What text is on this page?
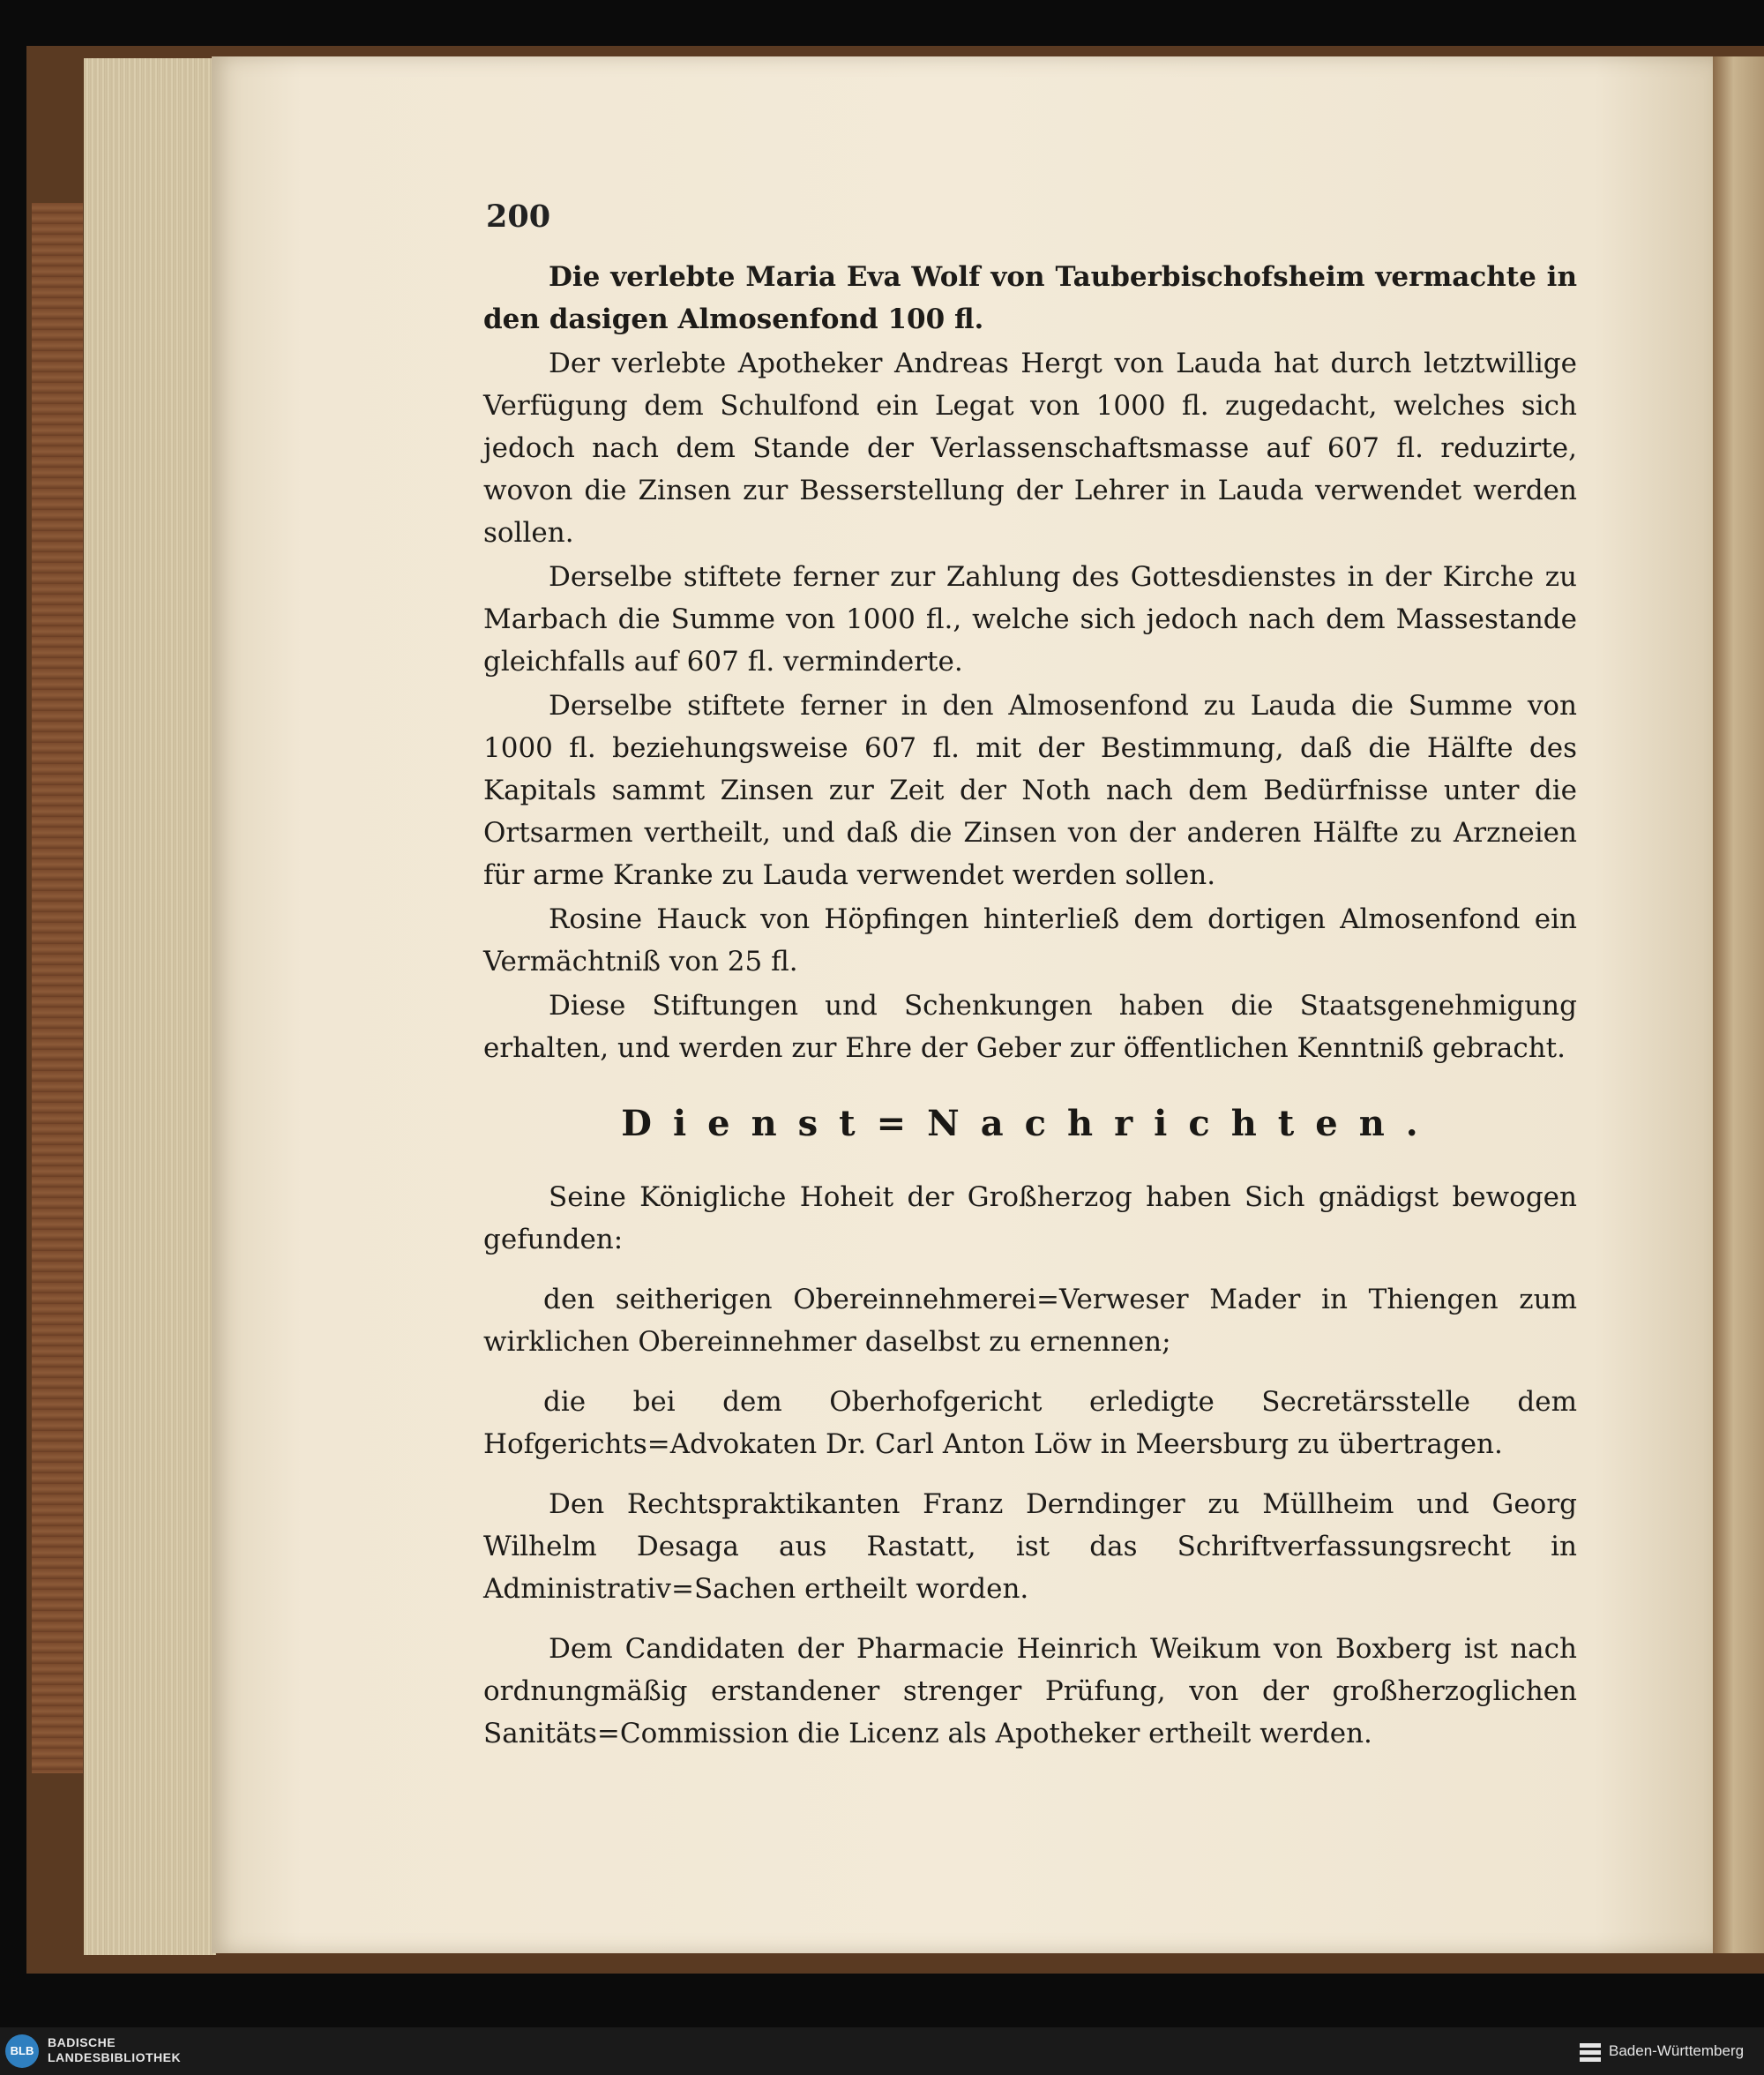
200

Die verlebte Maria Eva Wolf von Tauberbischofsheim vermachte in den dasigen Almosenfond 100 fl.

Der verlebte Apotheker Andreas Hergt von Lauda hat durch letztwillige Verfügung dem Schulfond ein Legat von 1000 fl. zugedacht, welches sich jedoch nach dem Stande der Verlassenschaftsmasse auf 607 fl. reduzirte, wovon die Zinsen zur Besserstellung der Lehrer in Lauda verwendet werden sollen.

Derselbe stiftete ferner zur Zahlung des Gottesdienstes in der Kirche zu Marbach die Summe von 1000 fl., welche sich jedoch nach dem Massestande gleichfalls auf 607 fl. verminderte.

Derselbe stiftete ferner in den Almosenfond zu Lauda die Summe von 1000 fl. beziehungsweise 607 fl. mit der Bestimmung, daß die Hälfte des Kapitals sammt Zinsen zur Zeit der Noth nach dem Bedürfnisse unter die Ortsarmen vertheilt, und daß die Zinsen von der anderen Hälfte zu Arzneien für arme Kranke zu Lauda verwendet werden sollen.

Rosine Hauck von Höpfingen hinterließ dem dortigen Almosenfond ein Vermächtniß von 25 fl.

Diese Stiftungen und Schenkungen haben die Staatsgenehmigung erhalten, und werden zur Ehre der Geber zur öffentlichen Kenntniß gebracht.

Dienst=Nachrichten.

Seine Königliche Hoheit der Großherzog haben Sich gnädigst bewogen gefunden:

den seitherigen Obereinnehmerei=Verweser Mader in Thiengen zum wirklichen Obereinnehmer daselbst zu ernennen;

die bei dem Oberhofgericht erledigte Secretärsstelle dem Hofgerichts=Advokaten Dr. Carl Anton Löw in Meersburg zu übertragen.

Den Rechtspraktikanten Franz Derndinger zu Müllheim und Georg Wilhelm Desaga aus Rastatt, ist das Schriftverfassungsrecht in Administrativ=Sachen ertheilt worden.

Dem Candidaten der Pharmacie Heinrich Weikum von Boxberg ist nach ordnungmäßig erstandener strenger Prüfung, von der großherzoglichen Sanitäts=Commission die Licenz als Apotheker ertheilt werden.

BLB
BADISCHE
LANDESBIBLIOTHEK	Baden-Württemberg
